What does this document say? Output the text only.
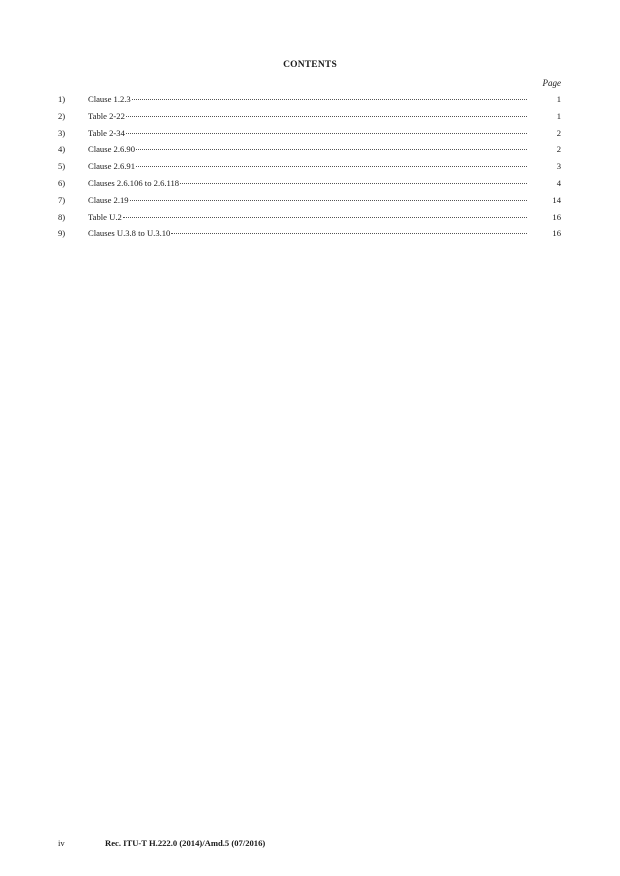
CONTENTS
Page
1)	Clause 1.2.3	1
2)	Table 2-22	1
3)	Table 2-34	2
4)	Clause 2.6.90	2
5)	Clause 2.6.91	3
6)	Clauses 2.6.106 to 2.6.118	4
7)	Clause 2.19	14
8)	Table U.2	16
9)	Clauses U.3.8 to U.3.10	16
iv	Rec. ITU-T H.222.0 (2014)/Amd.5 (07/2016)
